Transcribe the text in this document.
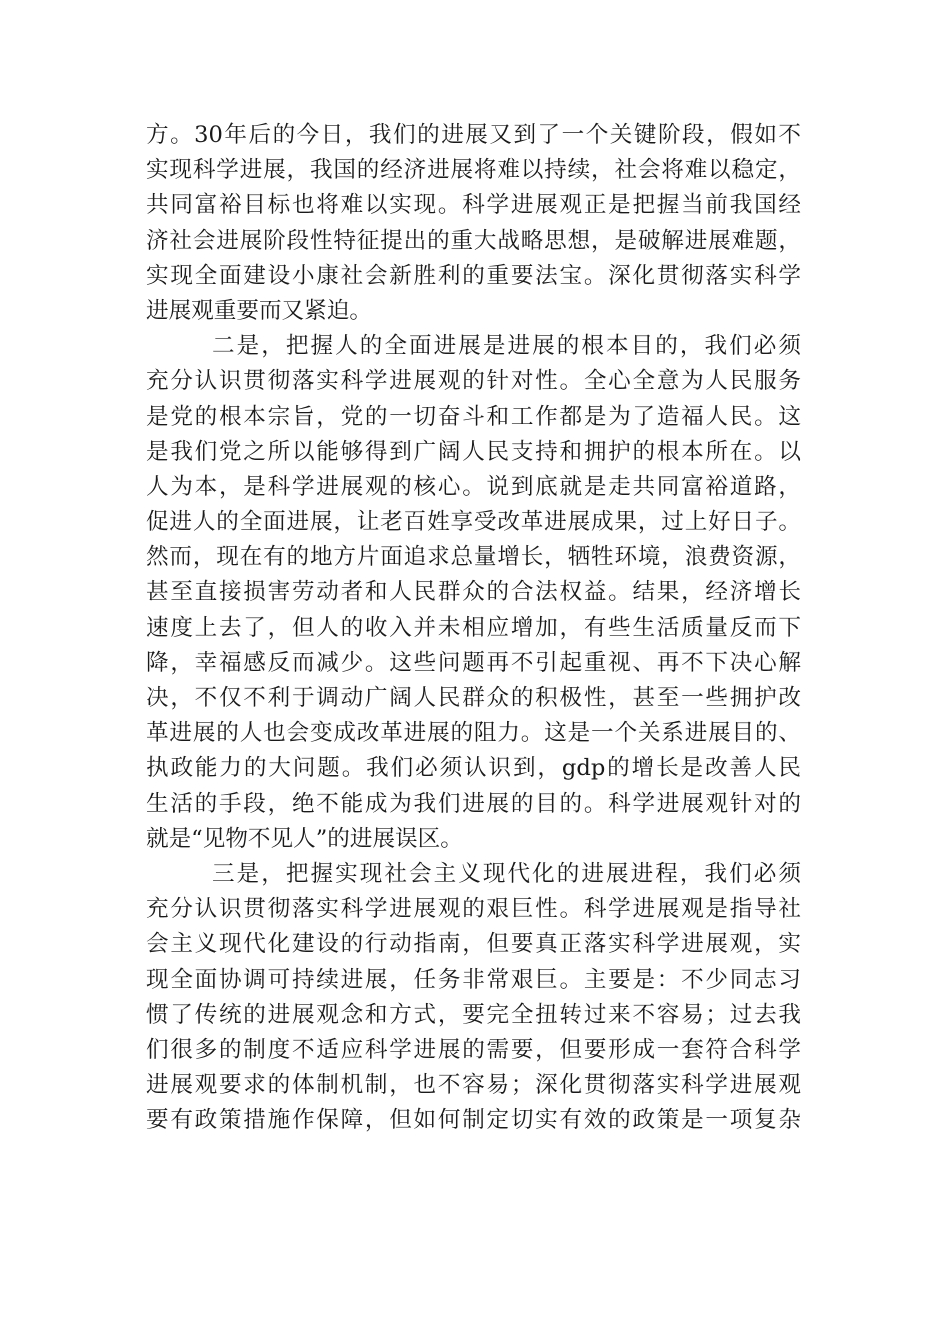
方。30年后的今日，我们的进展又到了一个关键阶段，假如不
实现科学进展，我国的经济进展将难以持续，社会将难以稳定，
共同富裕目标也将难以实现。科学进展观正是把握当前我国经
济社会进展阶段性特征提出的重大战略思想，是破解进展难题，
实现全面建设小康社会新胜利的重要法宝。深化贯彻落实科学
进展观重要而又紧迫。
二是，把握人的全面进展是进展的根本目的，我们必须
充分认识贯彻落实科学进展观的针对性。全心全意为人民服务
是党的根本宗旨，党的一切奋斗和工作都是为了造福人民。这
是我们党之所以能够得到广阔人民支持和拥护的根本所在。以
人为本，是科学进展观的核心。说到底就是走共同富裕道路，
促进人的全面进展，让老百姓享受改革进展成果，过上好日子。
然而，现在有的地方片面追求总量增长，牺牲环境，浪费资源，
甚至直接损害劳动者和人民群众的合法权益。结果，经济增长
速度上去了，但人的收入并未相应增加，有些生活质量反而下
降，幸福感反而减少。这些问题再不引起重视、再不下决心解
决，不仅不利于调动广阔人民群众的积极性，甚至一些拥护改
革进展的人也会变成改革进展的阻力。这是一个关系进展目的、
执政能力的大问题。我们必须认识到，gdp的增长是改善人民
生活的手段，绝不能成为我们进展的目的。科学进展观针对的
就是“见物不见人”的进展误区。
三是，把握实现社会主义现代化的进展进程，我们必须
充分认识贯彻落实科学进展观的艰巨性。科学进展观是指导社
会主义现代化建设的行动指南，但要真正落实科学进展观，实
现全面协调可持续进展，任务非常艰巨。主要是：不少同志习
惯了传统的进展观念和方式，要完全扭转过来不容易；过去我
们很多的制度不适应科学进展的需要，但要形成一套符合科学
进展观要求的体制机制，也不容易；深化贯彻落实科学进展观
要有政策措施作保障，但如何制定切实有效的政策是一项复杂
